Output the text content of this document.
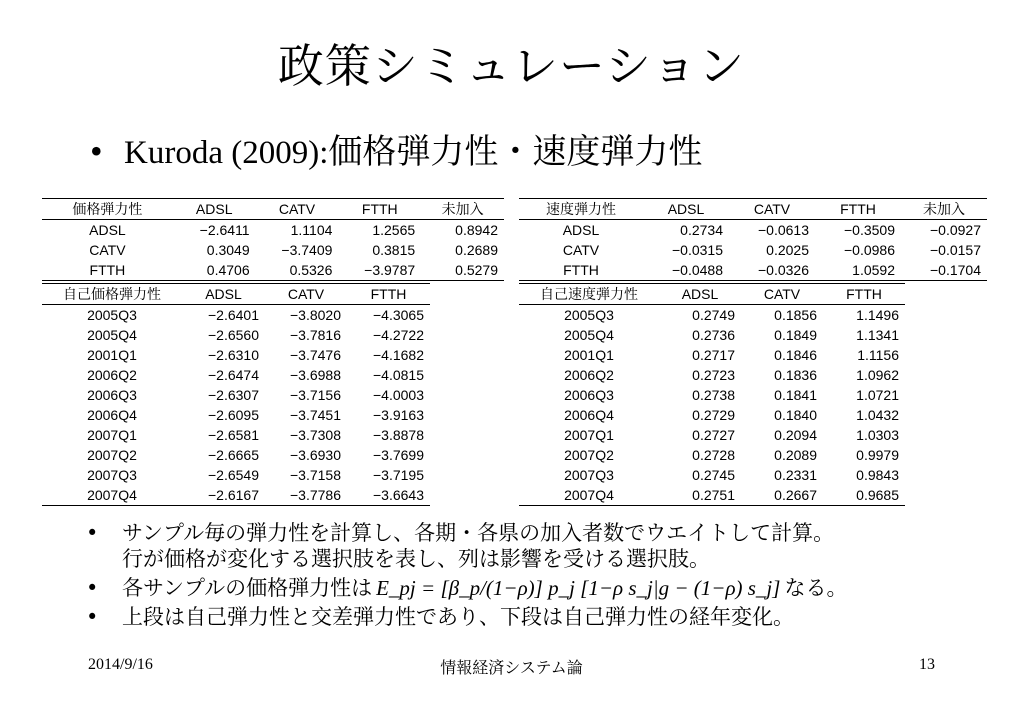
政策シミュレーション
• Kuroda (2009):価格弾力性・速度弾力性
価格弾力性	ADSL	CATV	FTTH	未加入
ADSL	−2.6411	1.1104	1.2565	0.8942
CATV	0.3049	−3.7409	0.3815	0.2689
FTTH	0.4706	0.5326	−3.9787	0.5279
速度弾力性	ADSL	CATV	FTTH	未加入
ADSL	0.2734	−0.0613	−0.3509	−0.0927
CATV	−0.0315	0.2025	−0.0986	−0.0157
FTTH	−0.0488	−0.0326	1.0592	−0.1704
自己価格弾力性	ADSL	CATV	FTTH
2005Q3	−2.6401	−3.8020	−4.3065
2005Q4	−2.6560	−3.7816	−4.2722
2001Q1	−2.6310	−3.7476	−4.1682
2006Q2	−2.6474	−3.6988	−4.0815
2006Q3	−2.6307	−3.7156	−4.0003
2006Q4	−2.6095	−3.7451	−3.9163
2007Q1	−2.6581	−3.7308	−3.8878
2007Q2	−2.6665	−3.6930	−3.7699
2007Q3	−2.6549	−3.7158	−3.7195
2007Q4	−2.6167	−3.7786	−3.6643
自己速度弾力性	ADSL	CATV	FTTH
2005Q3	0.2749	0.1856	1.1496
2005Q4	0.2736	0.1849	1.1341
2001Q1	0.2717	0.1846	1.1156
2006Q2	0.2723	0.1836	1.0962
2006Q3	0.2738	0.1841	1.0721
2006Q4	0.2729	0.1840	1.0432
2007Q1	0.2727	0.2094	1.0303
2007Q2	0.2728	0.2089	0.9979
2007Q3	0.2745	0.2331	0.9843
2007Q4	0.2751	0.2667	0.9685
•	サンプル毎の弾力性を計算し、各期・各県の加入者数でウエイトして計算。
行が価格が変化する選択肢を表し、列は影響を受ける選択肢。
•	各サンプルの価格弾力性は E_pj = [β_p/(1−ρ)] p_j [1−ρ s_j|g − (1−ρ) s_j] なる。
•	上段は自己弾力性と交差弾力性であり、下段は自己弾力性の経年変化。
2014/9/16	情報経済システム論	13
